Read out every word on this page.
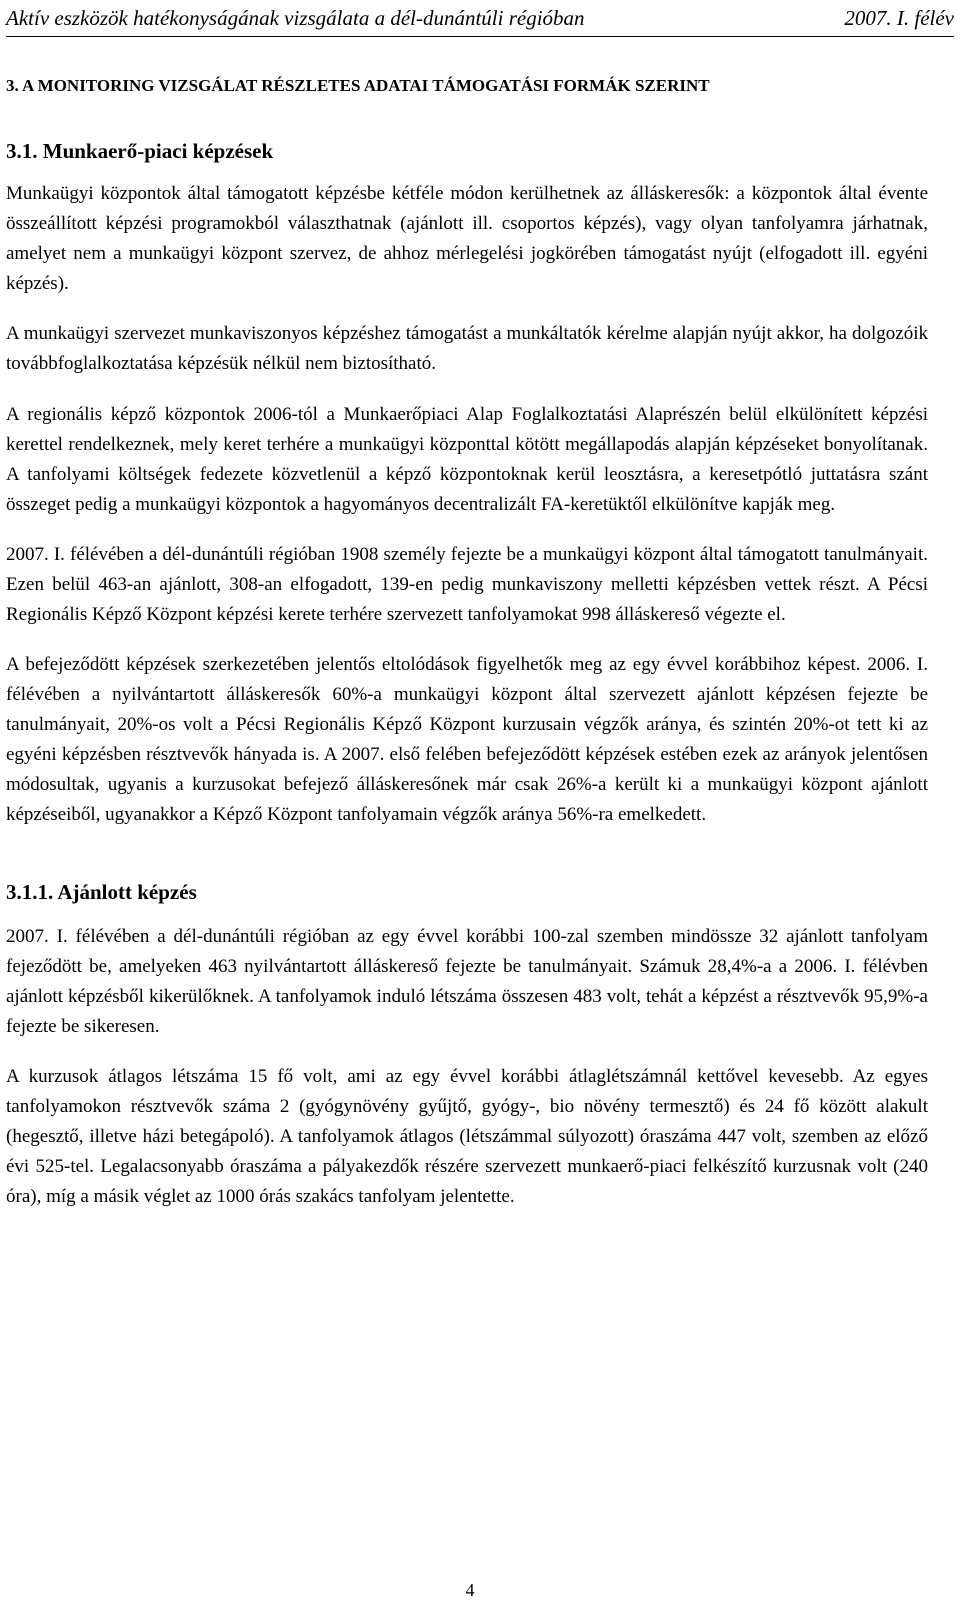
Aktív eszközök hatékonyságának vizsgálata a dél-dunántúli régióban	2007. I. félév
3. A MONITORING VIZSGÁLAT RÉSZLETES ADATAI TÁMOGATÁSI FORMÁK SZERINT
3.1. Munkaerő-piaci képzések

Munkaügyi központok által támogatott képzésbe kétféle módon kerülhetnek az álláskeresők: a központok által évente összeállított képzési programokból választhatnak (ajánlott ill. csoportos képzés), vagy olyan tanfolyamra járhatnak, amelyet nem a munkaügyi központ szervez, de ahhoz mérlegelési jogkörében támogatást nyújt (elfogadott ill. egyéni képzés).

A munkaügyi szervezet munkaviszonyos képzéshez támogatást a munkáltatók kérelme alapján nyújt akkor, ha dolgozóik továbbfoglalkoztatása képzésük nélkül nem biztosítható.

A regionális képző központok 2006-tól a Munkaerőpiaci Alap Foglalkoztatási Alaprészén belül elkülönített képzési kerettel rendelkeznek, mely keret terhére a munkaügyi központtal kötött megállapodás alapján képzéseket bonyolítanak. A tanfolyami költségek fedezete közvetlenül a képző központoknak kerül leosztásra, a keresetpótló juttatásra szánt összeget pedig a munkaügyi központok a hagyományos decentralizált FA-keretüktől elkülönítve kapják meg.

2007. I. félévében a dél-dunántúli régióban 1908 személy fejezte be a munkaügyi központ által támogatott tanulmányait. Ezen belül 463-an ajánlott, 308-an elfogadott, 139-en pedig munkaviszony melletti képzésben vettek részt. A Pécsi Regionális Képző Központ képzési kerete terhére szervezett tanfolyamokat 998 álláskereső végezte el.

A befejeződött képzések szerkezetében jelentős eltolódások figyelhetők meg az egy évvel korábbihoz képest. 2006. I. félévében a nyilvántartott álláskeresők 60%-a munkaügyi központ által szervezett ajánlott képzésen fejezte be tanulmányait, 20%-os volt a Pécsi Regionális Képző Központ kurzusain végzők aránya, és szintén 20%-ot tett ki az egyéni képzésben résztvevők hányada is. A 2007. első felében befejeződött képzések estében ezek az arányok jelentősen módosultak, ugyanis a kurzusokat befejező álláskeresőnek már csak 26%-a került ki a munkaügyi központ ajánlott képzéseiből, ugyanakkor a Képző Központ tanfolyamain végzők aránya 56%-ra emelkedett.

3.1.1. Ajánlott képzés

2007. I. félévében a dél-dunántúli régióban az egy évvel korábbi 100-zal szemben mindössze 32 ajánlott tanfolyam fejeződött be, amelyeken 463 nyilvántartott álláskereső fejezte be tanulmányait. Számuk 28,4%-a a 2006. I. félévben ajánlott képzésből kikerülőknek. A tanfolyamok induló létszáma összesen 483 volt, tehát a képzést a résztvevők 95,9%-a fejezte be sikeresen.

A kurzusok átlagos létszáma 15 fő volt, ami az egy évvel korábbi átlaglétszámnál kettővel kevesebb. Az egyes tanfolyamokon résztvevők száma 2 (gyógynövény gyűjtő, gyógy-, bio növény termesztő) és 24 fő között alakult (hegesztő, illetve házi betegápoló). A tanfolyamok átlagos (létszámmal súlyozott) óraszáma 447 volt, szemben az előző évi 525-tel. Legalacsonyabb óraszáma a pályakezdők részére szervezett munkaerő-piaci felkészítő kurzusnak volt (240 óra), míg a másik véglet az 1000 órás szakács tanfolyam jelentette.

4
